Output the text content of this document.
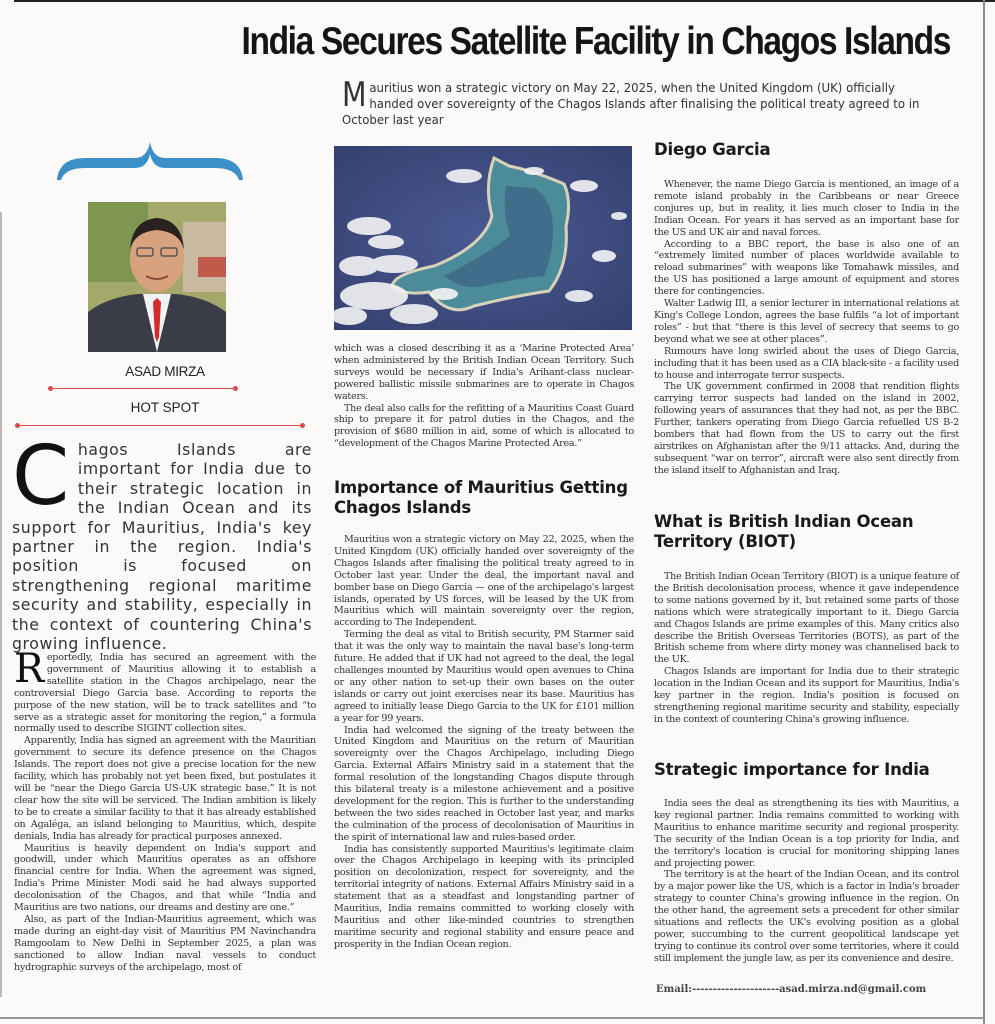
India Secures Satellite Facility in Chagos Islands
Mauritius won a strategic victory on May 22, 2025, when the United Kingdom (UK) officially handed over sovereignty of the Chagos Islands after finalising the political treaty agreed to in October last year
ASAD MIRZA
HOT SPOT
Chagos Islands are important for India due to their strategic location in the Indian Ocean and its support for Mauritius, India's key partner in the region. India's position is focused on strengthening regional maritime security and stability, especially in the context of countering China's growing influence.

Reportedly, India has secured an agreement with the government of Mauritius allowing it to establish a satellite station in the Chagos archipelago, near the controversial Diego Garcia base. According to reports the purpose of the new station, will be to track satellites and “to serve as a strategic asset for monitoring the region,” a formula normally used to describe SIGINT collection sites.

Apparently, India has signed an agreement with the Mauritian government to secure its defence presence on the Chagos Islands. The report does not give a precise location for the new facility, which has probably not yet been fixed, but postulates it will be “near the Diego Garcia US-UK strategic base.” It is not clear how the site will be serviced. The Indian ambition is likely to be to create a similar facility to that it has already established on Agaléga, an island belonging to Mauritius, which, despite denials, India has already for practical purposes annexed.

Mauritius is heavily dependent on India's support and goodwill, under which Mauritius operates as an offshore financial centre for India. When the agreement was signed, India's Prime Minister Modi said he had always supported decolonisation of the Chagos, and that while “India and Mauritius are two nations, our dreams and destiny are one.”

Also, as part of the Indian-Mauritius agreement, which was made during an eight-day visit of Mauritius PM Navinchandra Ramgoolam to New Delhi in September 2025, a plan was sanctioned to allow Indian naval vessels to conduct hydrographic surveys of the archipelago, most of

which was a closed describing it as a ‘Marine Protected Area’ when administered by the British Indian Ocean Territory. Such surveys would be necessary if India's Arihant-class nuclear-powered ballistic missile submarines are to operate in Chagos waters.

The deal also calls for the refitting of a Mauritius Coast Guard ship to prepare it for patrol duties in the Chagos, and the provision of $680 million in aid, some of which is allocated to “development of the Chagos Marine Protected Area.”

Importance of Mauritius Getting Chagos Islands

Mauritius won a strategic victory on May 22, 2025, when the United Kingdom (UK) officially handed over sovereignty of the Chagos Islands after finalising the political treaty agreed to in October last year. Under the deal, the important naval and bomber base on Diego Garcia — one of the archipelago's largest islands, operated by US forces, will be leased by the UK from Mauritius which will maintain sovereignty over the region, according to The Independent.

Terming the deal as vital to British security, PM Starmer said that it was the only way to maintain the naval base's long-term future. He added that if UK had not agreed to the deal, the legal challenges mounted by Mauritius would open avenues to China or any other nation to set-up their own bases on the outer islands or carry out joint exercises near its base. Mauritius has agreed to initially lease Diego Garcia to the UK for £101 million a year for 99 years.

India had welcomed the signing of the treaty between the United Kingdom and Mauritius on the return of Mauritian sovereignty over the Chagos Archipelago, including Diego Garcia. External Affairs Ministry said in a statement that the formal resolution of the longstanding Chagos dispute through this bilateral treaty is a milestone achievement and a positive development for the region. This is further to the understanding between the two sides reached in October last year, and marks the culmination of the process of decolonisation of Mauritius in the spirit of international law and rules-based order.

India has consistently supported Mauritius's legitimate claim over the Chagos Archipelago in keeping with its principled position on decolonization, respect for sovereignty, and the territorial integrity of nations. External Affairs Ministry said in a statement that as a steadfast and longstanding partner of Mauritius, India remains committed to working closely with Mauritius and other like-minded countries to strengthen maritime security and regional stability and ensure peace and prosperity in the Indian Ocean region.

Diego Garcia

Whenever, the name Diego Garcia is mentioned, an image of a remote island probably in the Caribbeans or near Greece conjures up, but in reality, it lies much closer to India in the Indian Ocean. For years it has served as an important base for the US and UK air and naval forces.

According to a BBC report, the base is also one of an “extremely limited number of places worldwide available to reload submarines” with weapons like Tomahawk missiles, and the US has positioned a large amount of equipment and stores there for contingencies.

Walter Ladwig III, a senior lecturer in international relations at King's College London, agrees the base fulfils “a lot of important roles” - but that “there is this level of secrecy that seems to go beyond what we see at other places”.

Rumours have long swirled about the uses of Diego Garcia, including that it has been used as a CIA black-site - a facility used to house and interrogate terror suspects.

The UK government confirmed in 2008 that rendition flights carrying terror suspects had landed on the island in 2002, following years of assurances that they had not, as per the BBC. Further, tankers operating from Diego Garcia refuelled US B-2 bombers that had flown from the US to carry out the first airstrikes on Afghanistan after the 9/11 attacks. And, during the subsequent “war on terror”, aircraft were also sent directly from the island itself to Afghanistan and Iraq.

What is British Indian Ocean Territory (BIOT)

The British Indian Ocean Territory (BIOT) is a unique feature of the British decolonisation process, whence it gave independence to some nations governed by it, but retained some parts of those nations which were strategically important to it. Diego Garcia and Chagos Islands are prime examples of this. Many critics also describe the British Overseas Territories (BOTS), as part of the British scheme from where dirty money was channelised back to the UK.

Chagos Islands are important for India due to their strategic location in the Indian Ocean and its support for Mauritius, India's key partner in the region. India's position is focused on strengthening regional maritime security and stability, especially in the context of countering China's growing influence.

Strategic importance for India

India sees the deal as strengthening its ties with Mauritius, a key regional partner. India remains committed to working with Mauritius to enhance maritime security and regional prosperity. The security of the Indian Ocean is a top priority for India, and the territory's location is crucial for monitoring shipping lanes and projecting power.

The territory is at the heart of the Indian Ocean, and its control by a major power like the US, which is a factor in India's broader strategy to counter China's growing influence in the region. On the other hand, the agreement sets a precedent for other similar situations and reflects the UK's evolving position as a global power, succumbing to the current geopolitical landscape yet trying to continue its control over some territories, where it could still implement the jungle law, as per its convenience and desire.

Email:---------------------asad.mirza.nd@gmail.com
